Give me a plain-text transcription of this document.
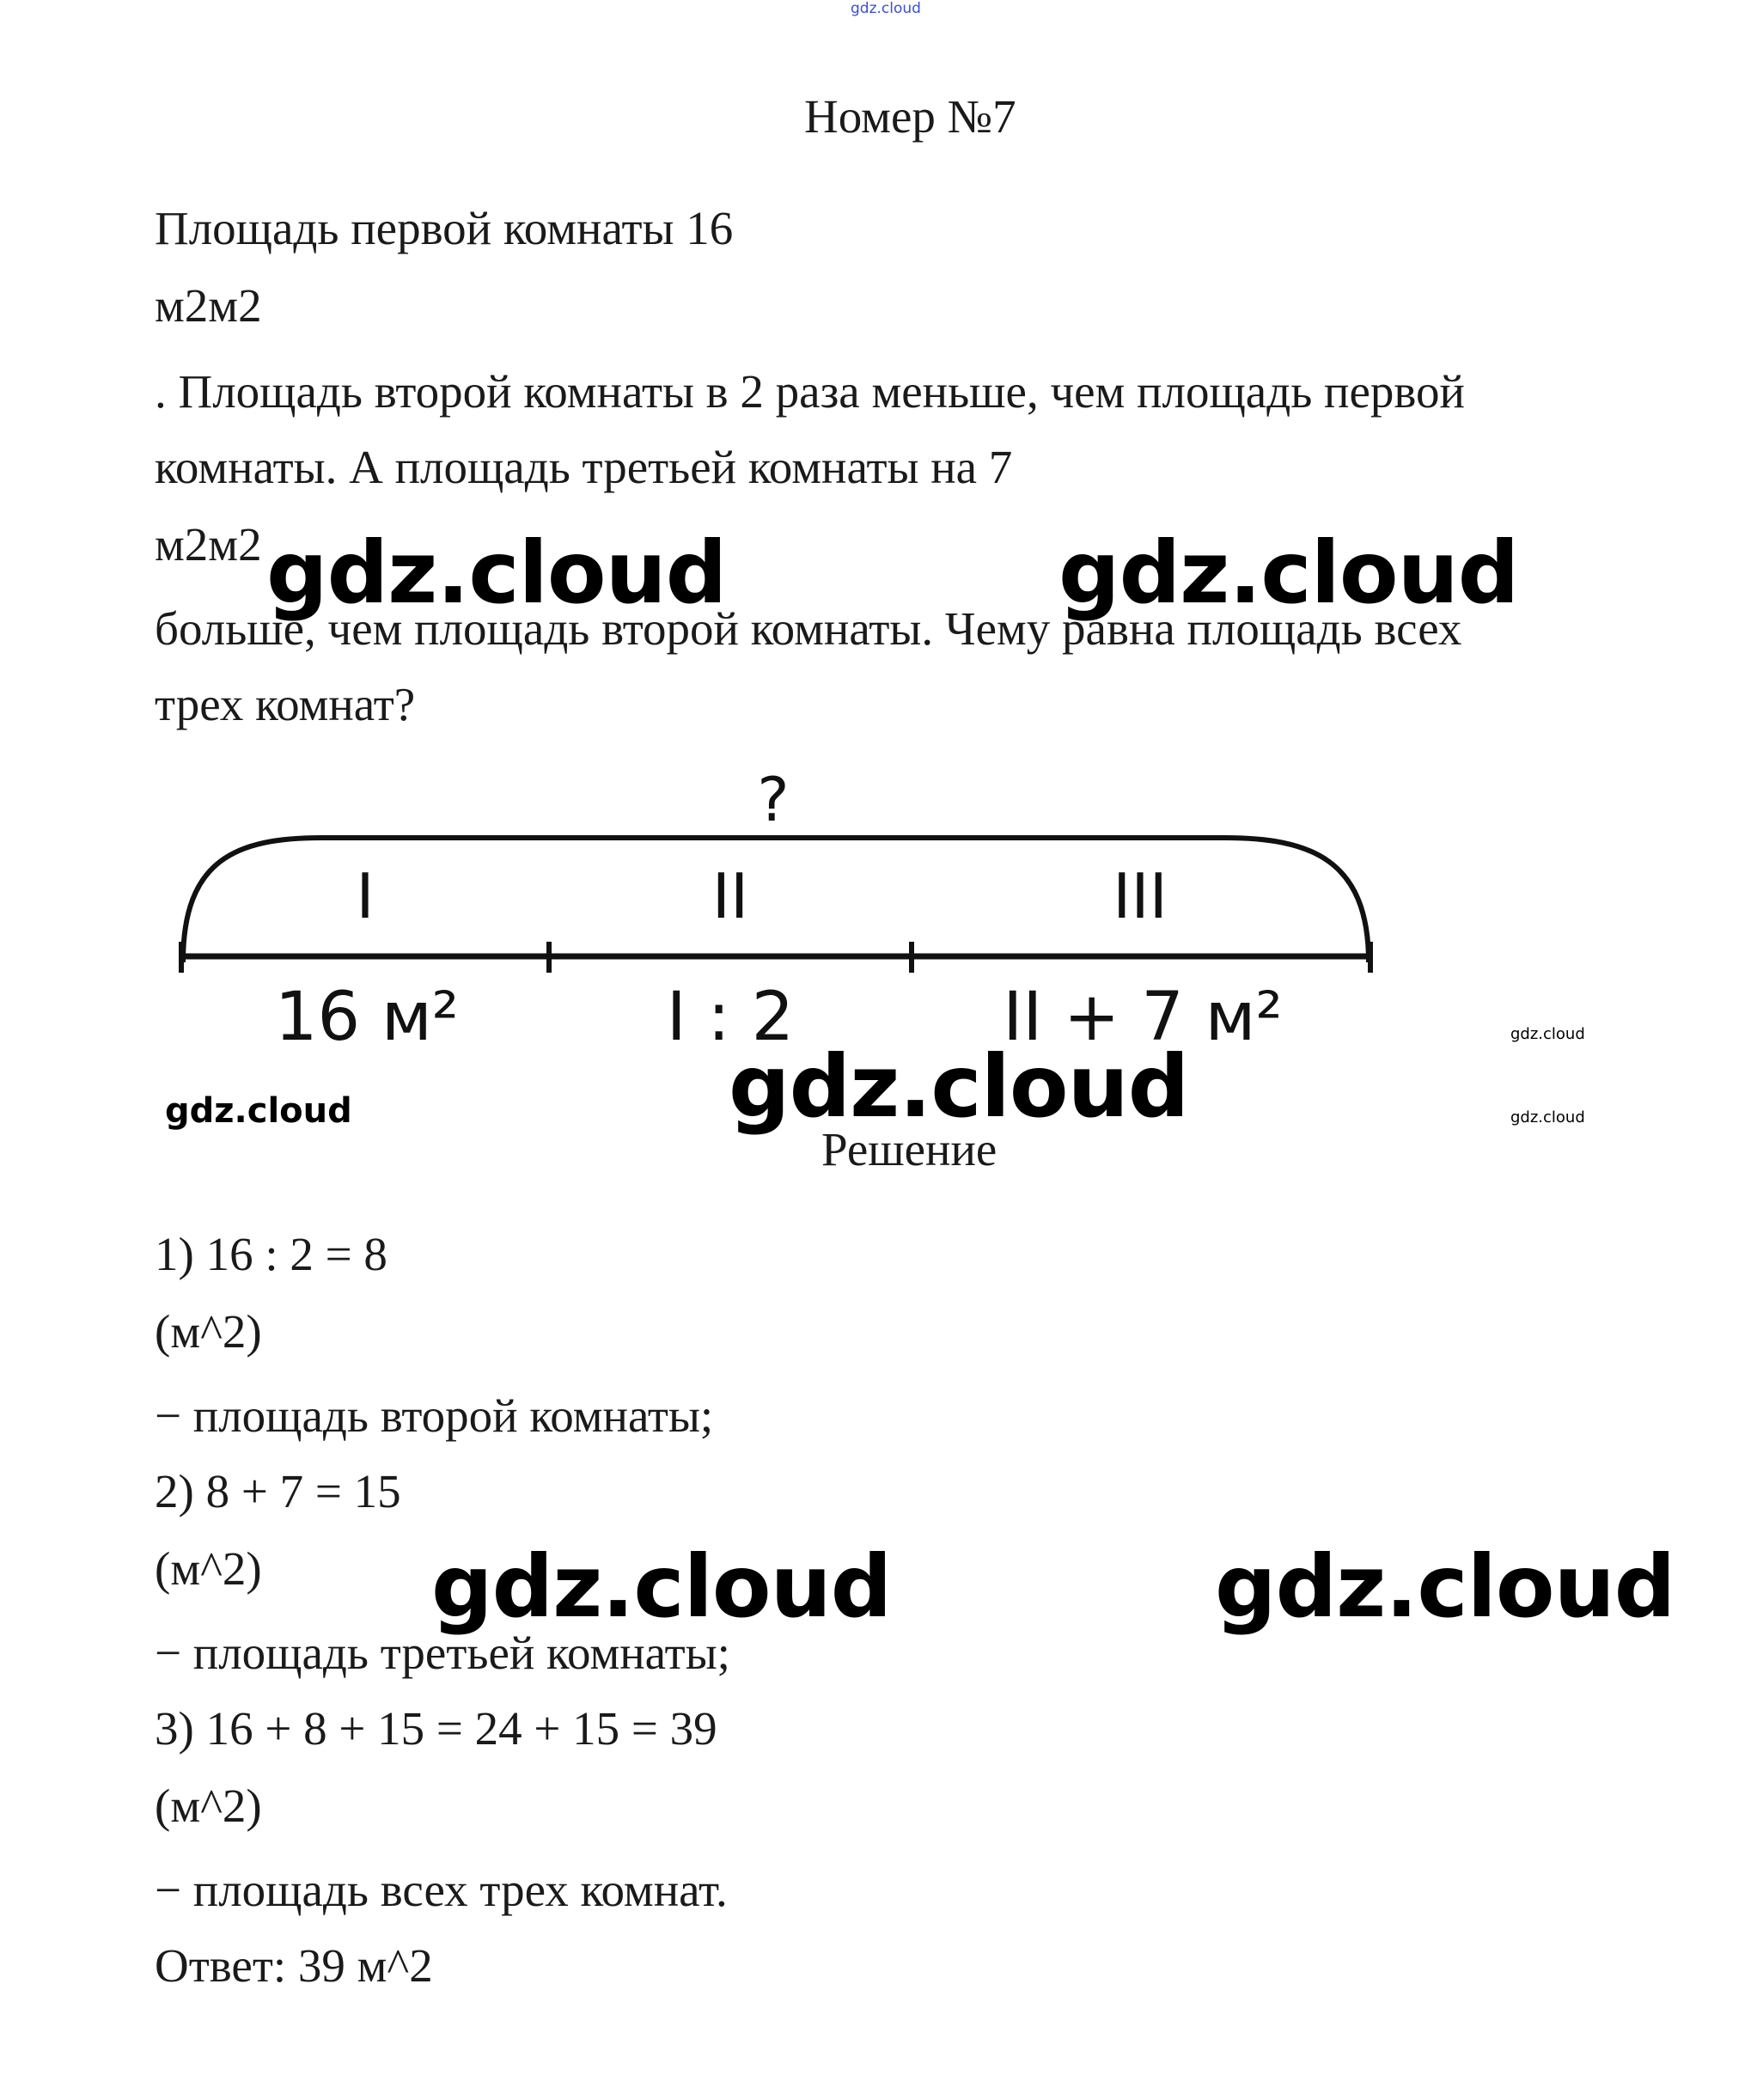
gdz.cloud
Номер №7
Площадь первой комнаты 16
м2м2
. Площадь второй комнаты в 2 раза меньше, чем площадь первой
комнаты. А площадь третьей комнаты на 7
м2м2
больше, чем площадь второй комнаты. Чему равна площадь всех
трех комнат?
?
I	II	III
16 м²	I : 2	II + 7 м²
gdz.cloud	gdz.cloud
gdz.cloud
gdz.cloud
gdz.cloud
gdz.cloud
Решение
1) 16 : 2 = 8
(м^2)
− площадь второй комнаты;
2) 8 + 7 = 15
(м^2)
− площадь третьей комнаты;
3) 16 + 8 + 15 = 24 + 15 = 39
(м^2)
− площадь всех трех комнат.
Ответ: 39 м^2
gdz.cloud	gdz.cloud
